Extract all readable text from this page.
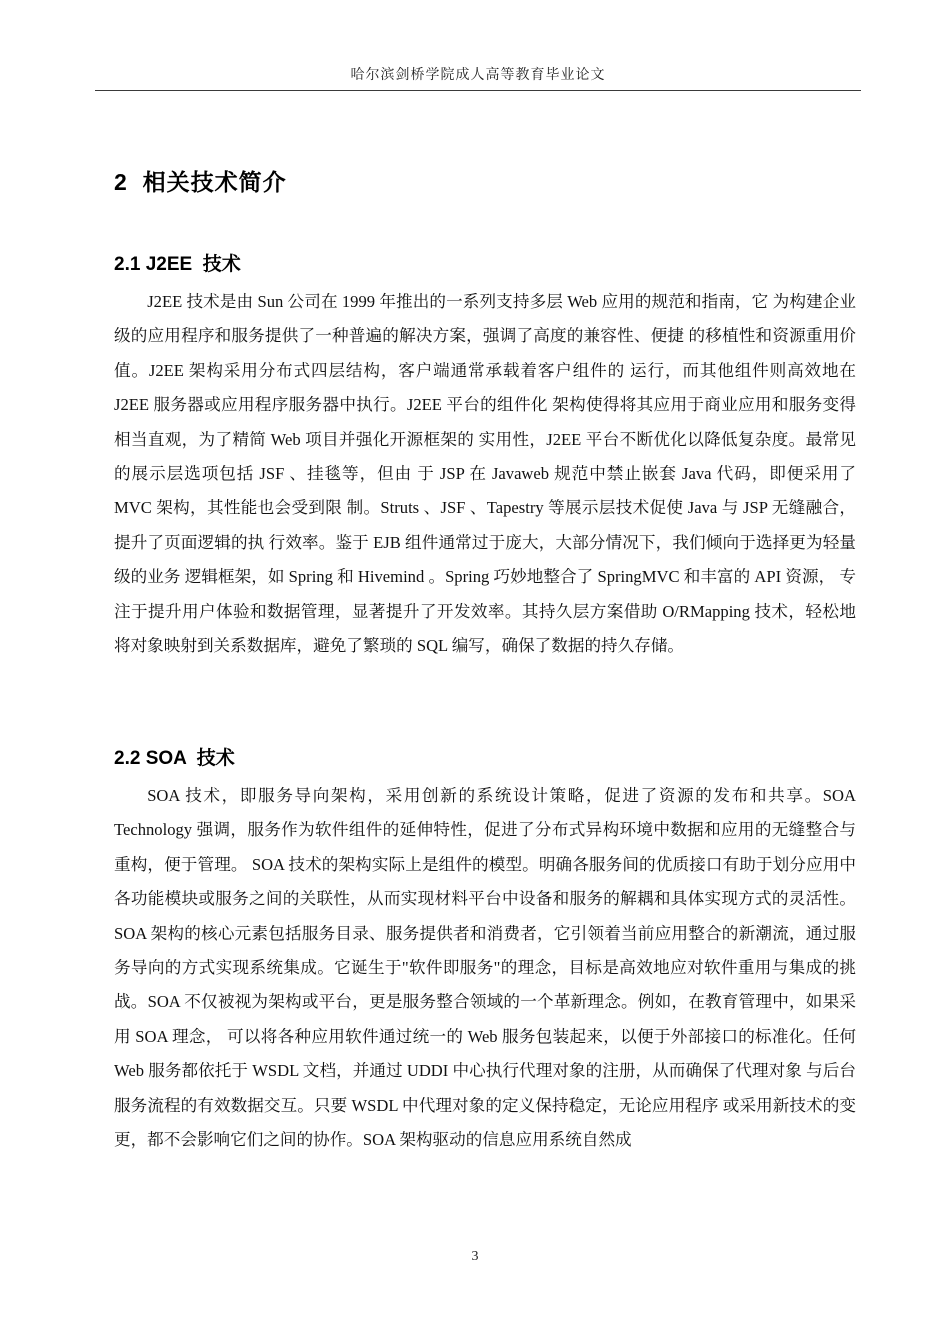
哈尔滨剑桥学院成人高等教育毕业论文
2  相关技术简介
2.1 J2EE  技术

J2EE 技术是由 Sun 公司在 1999 年推出的一系列支持多层 Web 应用的规范和指南，它 为构建企业级的应用程序和服务提供了一种普遍的解决方案，强调了高度的兼容性、便捷 的移植性和资源重用价值。J2EE 架构采用分布式四层结构，客户端通常承载着客户组件的 运行，而其他组件则高效地在 J2EE 服务器或应用程序服务器中执行。J2EE 平台的组件化 架构使得将其应用于商业应用和服务变得相当直观，为了精简 Web 项目并强化开源框架的 实用性，J2EE 平台不断优化以降低复杂度。最常见的展示层选项包括 JSF 、挂毯等，但由 于 JSP 在 Javaweb 规范中禁止嵌套 Java 代码，即便采用了 MVC 架构，其性能也会受到限 制。Struts 、JSF 、Tapestry 等展示层技术促使 Java 与 JSP 无缝融合，提升了页面逻辑的执 行效率。鉴于 EJB 组件通常过于庞大，大部分情况下，我们倾向于选择更为轻量级的业务 逻辑框架，如 Spring 和 Hivemind 。Spring 巧妙地整合了 SpringMVC 和丰富的 API 资源， 专注于提升用户体验和数据管理，显著提升了开发效率。其持久层方案借助 O/RMapping 技术，轻松地将对象映射到关系数据库，避免了繁琐的 SQL 编写，确保了数据的持久存储。

2.2 SOA  技术

SOA 技术，即服务导向架构，采用创新的系统设计策略，促进了资源的发布和共享。SOA Technology 强调，服务作为软件组件的延伸特性，促进了分布式异构环境中数据和应用的无缝整合与重构，便于管理。 SOA 技术的架构实际上是组件的模型。明确各服务间的优质接口有助于划分应用中各功能模块或服务之间的关联性，从而实现材料平台中设备和服务的解耦和具体实现方式的灵活性。SOA 架构的核心元素包括服务目录、服务提供者和消费者，它引领着当前应用整合的新潮流，通过服务导向的方式实现系统集成。它诞生于"软件即服务"的理念，目标是高效地应对软件重用与集成的挑战。SOA 不仅被视为架构或平台，更是服务整合领域的一个革新理念。例如，在教育管理中，如果采用 SOA 理念， 可以将各种应用软件通过统一的 Web 服务包装起来，以便于外部接口的标准化。任何 Web 服务都依托于 WSDL 文档，并通过 UDDI 中心执行代理对象的注册，从而确保了代理对象 与后台服务流程的有效数据交互。只要 WSDL 中代理对象的定义保持稳定，无论应用程序 或采用新技术的变更，都不会影响它们之间的协作。SOA 架构驱动的信息应用系统自然成

3
